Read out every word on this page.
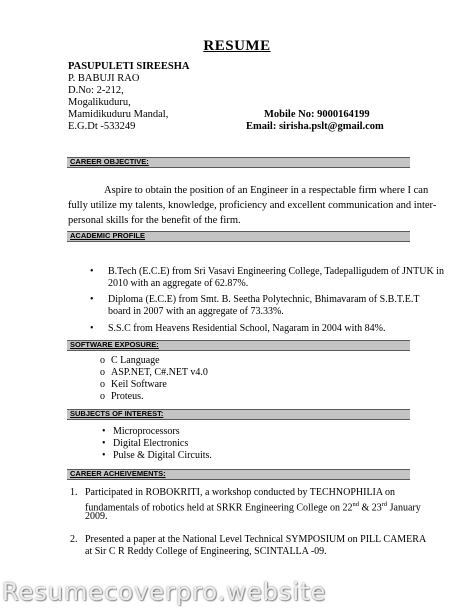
RESUME
PASUPULETI SIREESHA
P. BABUJI RAO
D.No: 2-212,
Mogalikuduru,
Mamidikuduru Mandal,
E.G.Dt -533249
Mobile No: 9000164199
Email: sirisha.pslt@gmail.com
CAREER OBJECTIVE:
Aspire to obtain the position of an Engineer in a respectable firm where I can
fully utilize my talents, knowledge, proficiency and excellent communication and inter-
personal skills for the benefit of the firm.
ACADEMIC PROFILE
• B.Tech (E.C.E) from Sri Vasavi Engineering College, Tadepalligudem of JNTUK in
2010 with an aggregate of 62.87%.
• Diploma (E.C.E) from Smt. B. Seetha Polytechnic, Bhimavaram of S.B.T.E.T
board in 2007 with an aggregate of 73.33%.
• S.S.C from Heavens Residential School, Nagaram in 2004 with 84%.
SOFTWARE EXPOSURE:
o C Language
o ASP.NET, C#.NET v4.0
o Keil Software
o Proteus.
SUBJECTS OF INTEREST:
• Microprocessors
• Digital Electronics
• Pulse & Digital Circuits.
CAREER ACHEIVEMENTS:
1. Participated in ROBOKRITI, a workshop conducted by TECHNOPHILIA on
fundamentals of robotics held at SRKR Engineering College on 22nd & 23rd January
2009.
2. Presented a paper at the National Level Technical SYMPOSIUM on PILL CAMERA
at Sir C R Reddy College of Engineering, SCINTALLA -09.
Resumecoverpro.website
